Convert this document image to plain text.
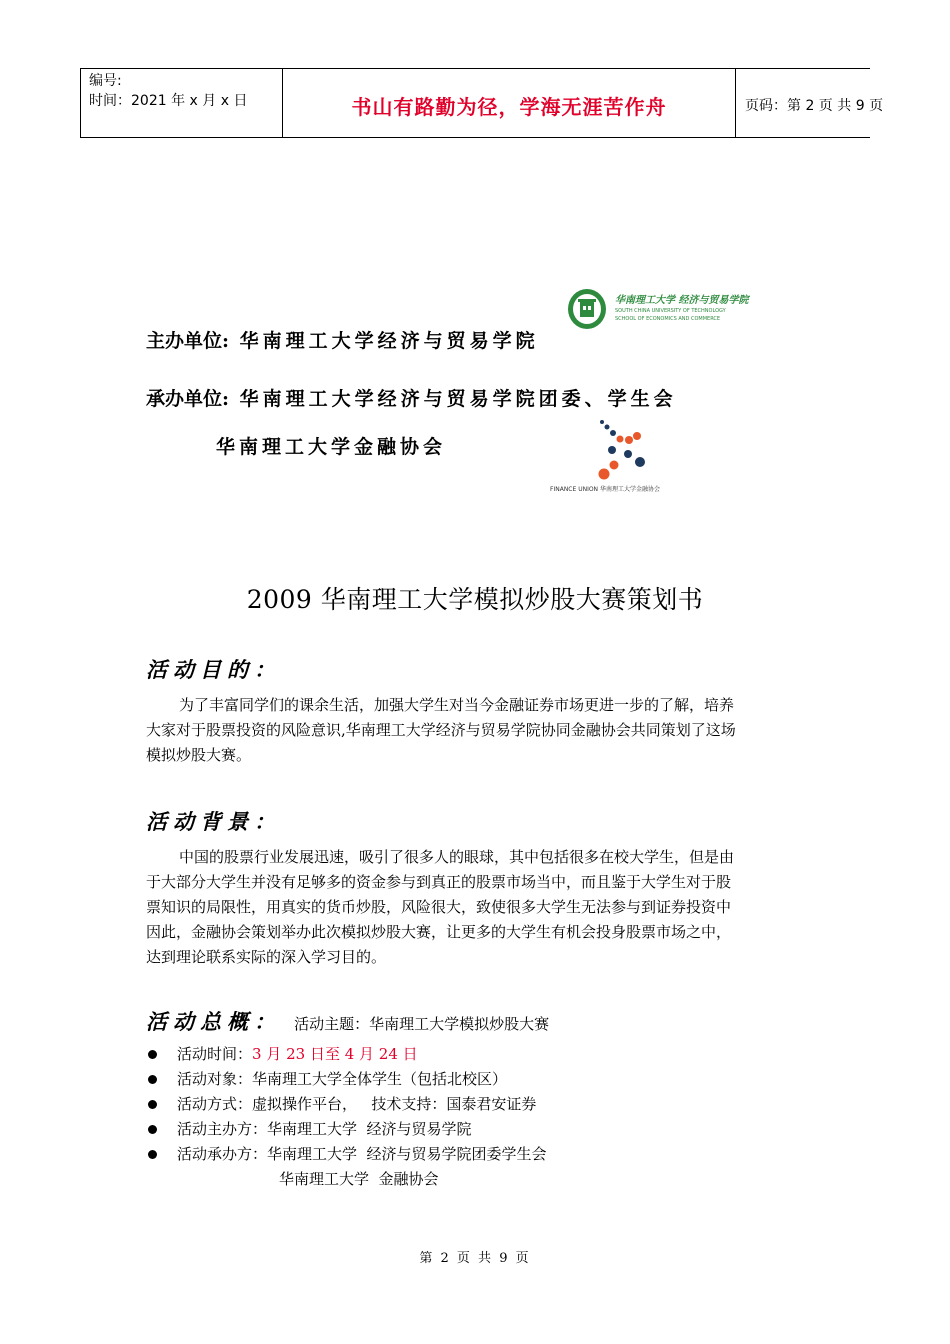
编号:
时间：2021 年 x 月 x 日	书山有路勤为径，学海无涯苦作舟	页码：第 2 页 共 9 页
主办单位: 华南理工大学经济与贸易学院
承办单位: 华南理工大学经济与贸易学院团委、学生会
华南理工大学金融协会
华南理工大学 经济与贸易学院
SOUTH CHINA UNIVERSITY OF TECHNOLOGY
SCHOOL OF ECONOMICS AND COMMERCE
FINANCE UNION 华南理工大学金融协会
2009 华南理工大学模拟炒股大赛策划书
活动目的：

为了丰富同学们的课余生活，加强大学生对当今金融证券市场更进一步的了解，培养

大家对于股票投资的风险意识,华南理工大学经济与贸易学院协同金融协会共同策划了这场

模拟炒股大赛。

活动背景：

中国的股票行业发展迅速，吸引了很多人的眼球，其中包括很多在校大学生，但是由

于大部分大学生并没有足够多的资金参与到真正的股票市场当中，而且鉴于大学生对于股

票知识的局限性，用真实的货币炒股，风险很大，致使很多大学生无法参与到证券投资中

因此，金融协会策划举办此次模拟炒股大赛，让更多的大学生有机会投身股票市场之中，

达到理论联系实际的深入学习目的。

活动总概： 活动主题：华南理工大学模拟炒股大赛
活动时间：3 月 23 日至 4 月 24 日
活动对象：华南理工大学全体学生（包括北校区）
活动方式：虚拟操作平台，   技术支持：国泰君安证券
活动主办方：华南理工大学  经济与贸易学院
活动承办方：华南理工大学  经济与贸易学院团委学生会
华南理工大学  金融协会
第 2 页 共 9 页
